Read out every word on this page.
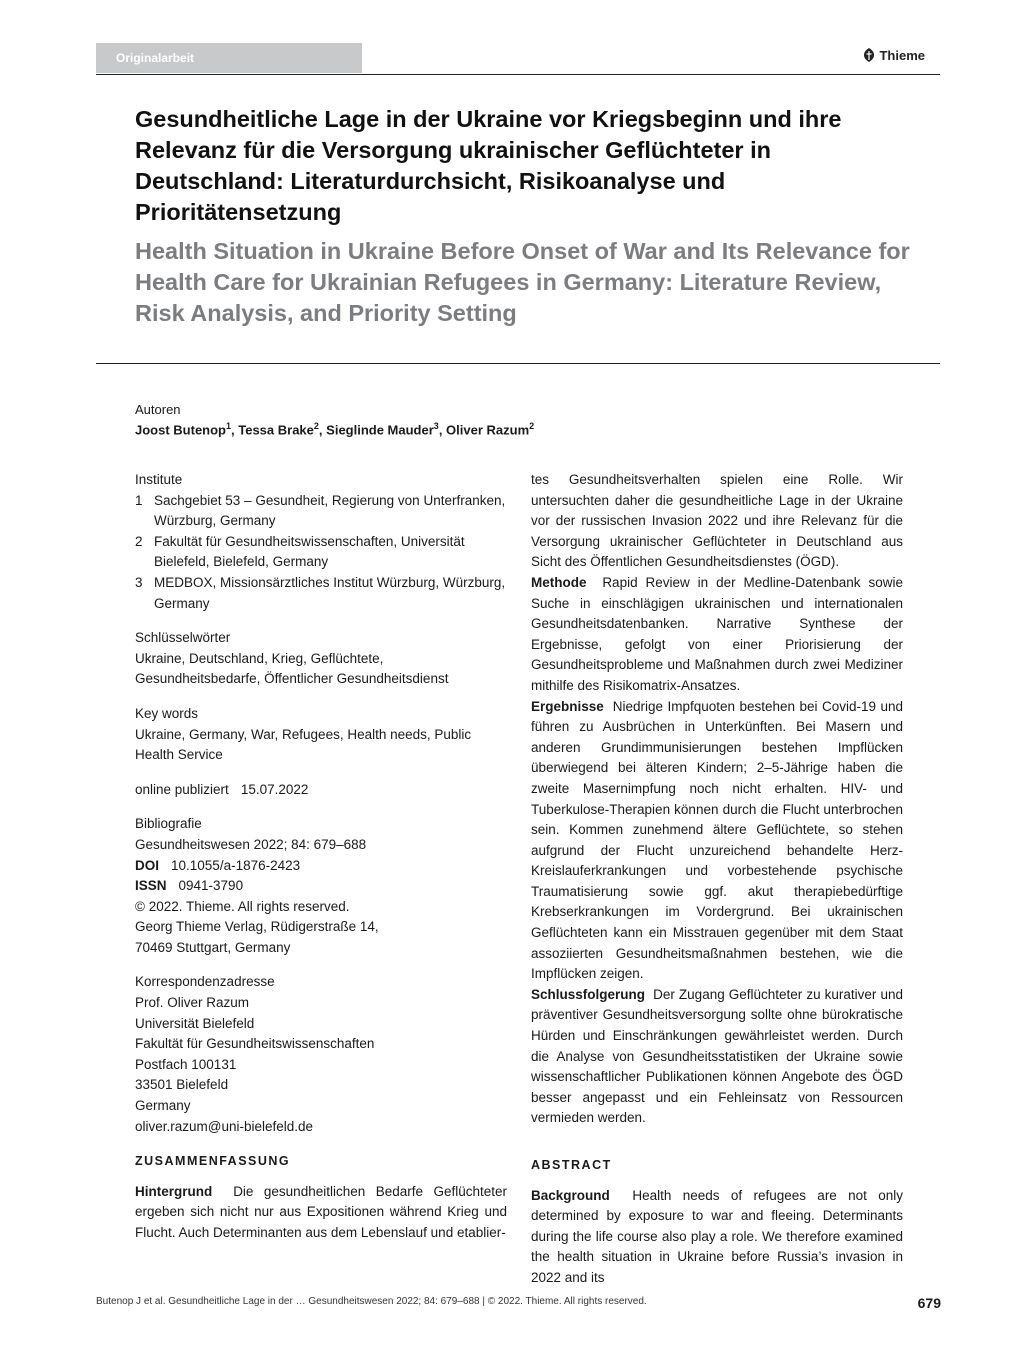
Originalarbeit	Thieme
Gesundheitliche Lage in der Ukraine vor Kriegsbeginn und ihre Relevanz für die Versorgung ukrainischer Geflüchteter in Deutschland: Literaturdurchsicht, Risikoanalyse und Prioritätensetzung
Health Situation in Ukraine Before Onset of War and Its Relevance for Health Care for Ukrainian Refugees in Germany: Literature Review, Risk Analysis, and Priority Setting
Autoren
Joost Butenop$^1$, Tessa Brake$^2$, Sieglinde Mauder$^3$, Oliver Razum$^2$
Institute
1 Sachgebiet 53 – Gesundheit, Regierung von Unterfranken, Würzburg, Germany
2 Fakultät für Gesundheitswissenschaften, Universität Bielefeld, Bielefeld, Germany
3 MEDBOX, Missionsärztliches Institut Würzburg, Würzburg, Germany
Schlüsselwörter
Ukraine, Deutschland, Krieg, Geflüchtete, Gesundheitsbedarfe, Öffentlicher Gesundheitsdienst
Key words
Ukraine, Germany, War, Refugees, Health needs, Public Health Service
online publiziert 15.07.2022
Bibliografie
Gesundheitswesen 2022; 84: 679–688
DOI 10.1055/a-1876-2423
ISSN 0941-3790
© 2022. Thieme. All rights reserved.
Georg Thieme Verlag, Rüdigerstraße 14,
70469 Stuttgart, Germany
Korrespondenzadresse
Prof. Oliver Razum
Universität Bielefeld
Fakultät für Gesundheitswissenschaften
Postfach 100131
33501 Bielefeld
Germany
oliver.razum@uni-bielefeld.de
ZUSAMMENFASSUNG

Hintergrund Die gesundheitlichen Bedarfe Geflüchteter ergeben sich nicht nur aus Expositionen während Krieg und Flucht. Auch Determinanten aus dem Lebenslauf und etablier-

tes Gesundheitsverhalten spielen eine Rolle. Wir untersuchten daher die gesundheitliche Lage in der Ukraine vor der russischen Invasion 2022 und ihre Relevanz für die Versorgung ukrainischer Geflüchteter in Deutschland aus Sicht des Öffentlichen Gesundheitsdienstes (ÖGD).

Methode Rapid Review in der Medline-Datenbank sowie Suche in einschlägigen ukrainischen und internationalen Gesundheitsdatenbanken. Narrative Synthese der Ergebnisse, gefolgt von einer Priorisierung der Gesundheitsprobleme und Maßnahmen durch zwei Mediziner mithilfe des Risikomatrix-Ansatzes.

Ergebnisse Niedrige Impfquoten bestehen bei Covid-19 und führen zu Ausbrüchen in Unterkünften. Bei Masern und anderen Grundimmunisierungen bestehen Impflücken überwiegend bei älteren Kindern; 2–5-Jährige haben die zweite Masernimpfung noch nicht erhalten. HIV- und Tuberkulose-Therapien können durch die Flucht unterbrochen sein. Kommen zunehmend ältere Geflüchtete, so stehen aufgrund der Flucht unzureichend behandelte Herz-Kreislauferkrankungen und vorbestehende psychische Traumatisierung sowie ggf. akut therapiebedürftige Krebserkrankungen im Vordergrund. Bei ukrainischen Geflüchteten kann ein Misstrauen gegenüber mit dem Staat assoziierten Gesundheitsmaßnahmen bestehen, wie die Impflücken zeigen.

Schlussfolgerung Der Zugang Geflüchteter zu kurativer und präventiver Gesundheitsversorgung sollte ohne bürokratische Hürden und Einschränkungen gewährleistet werden. Durch die Analyse von Gesundheitsstatistiken der Ukraine sowie wissenschaftlicher Publikationen können Angebote des ÖGD besser angepasst und ein Fehleinsatz von Ressourcen vermieden werden.

ABSTRACT

Background Health needs of refugees are not only determined by exposure to war and fleeing. Determinants during the life course also play a role. We therefore examined the health situation in Ukraine before Russia’s invasion in 2022 and its

Butenop J et al. Gesundheitliche Lage in der … Gesundheitswesen 2022; 84: 679–688 | © 2022. Thieme. All rights reserved.	679
